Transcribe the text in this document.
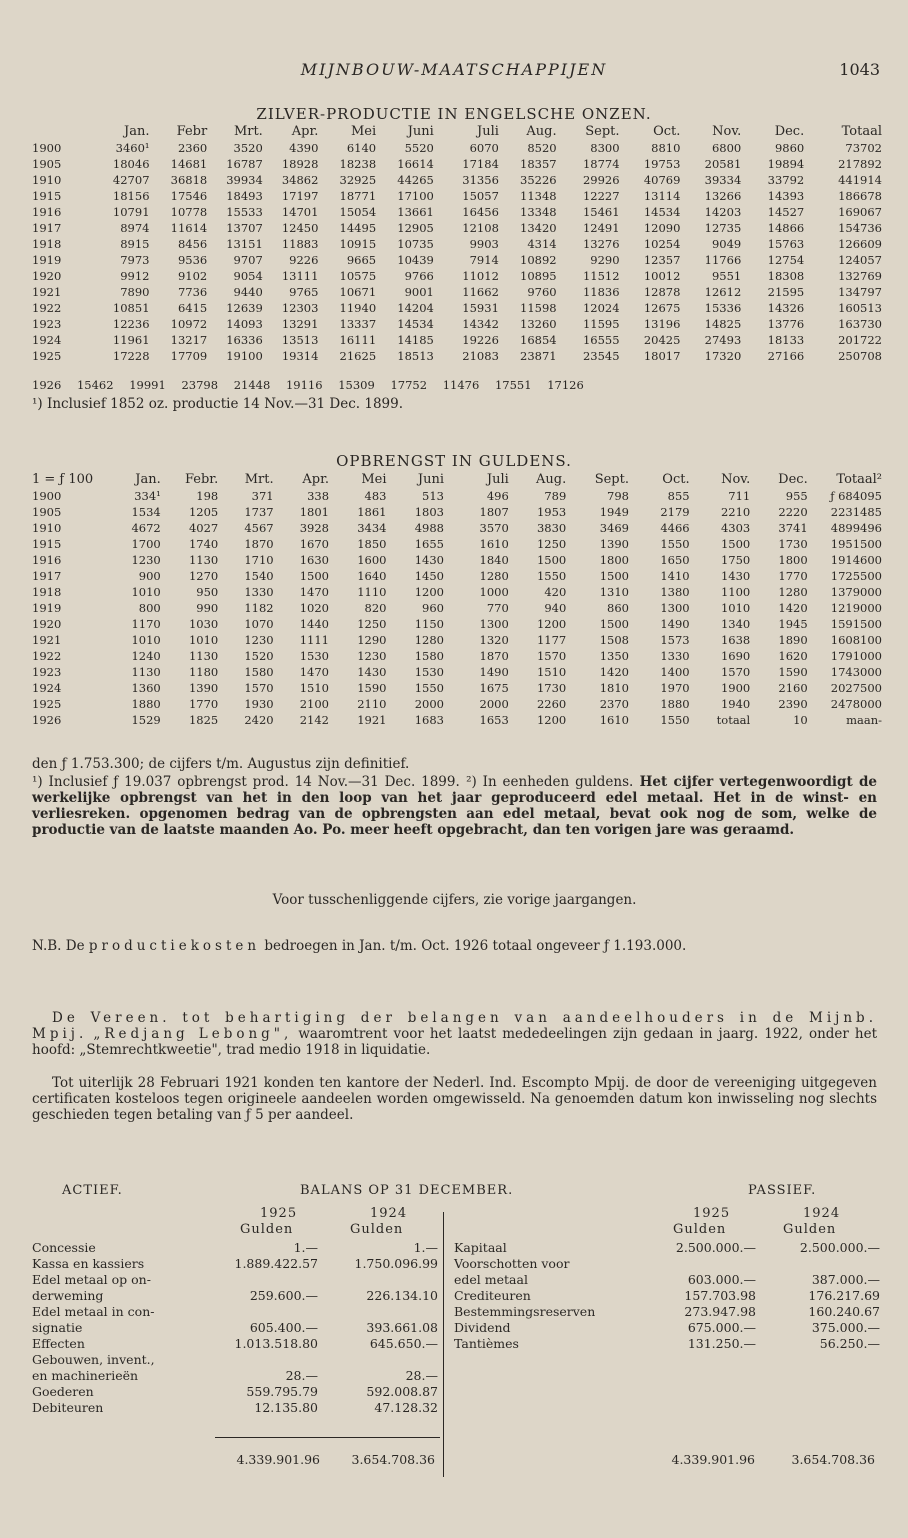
MIJNBOUW-MAATSCHAPPIJEN	1043
ZILVER-PRODUCTIE IN ENGELSCHE ONZEN.
	Jan.	Febr	Mrt.	Apr.	Mei	Juni	Juli	Aug.	Sept.	Oct.	Nov.	Dec.	Totaal
1900	3460¹	2360	3520	4390	6140	5520	6070	8520	8300	8810	6800	9860	73702
1905	18046	14681	16787	18928	18238	16614	17184	18357	18774	19753	20581	19894	217892
1910	42707	36818	39934	34862	32925	44265	31356	35226	29926	40769	39334	33792	441914
1915	18156	17546	18493	17197	18771	17100	15057	11348	12227	13114	13266	14393	186678
1916	10791	10778	15533	14701	15054	13661	16456	13348	15461	14534	14203	14527	169067
1917	8974	11614	13707	12450	14495	12905	12108	13420	12491	12090	12735	14866	154736
1918	8915	8456	13151	11883	10915	10735	9903	4314	13276	10254	9049	15763	126609
1919	7973	9536	9707	9226	9665	10439	7914	10892	9290	12357	11766	12754	124057
1920	9912	9102	9054	13111	10575	9766	11012	10895	11512	10012	9551	18308	132769
1921	7890	7736	9440	9765	10671	9001	11662	9760	11836	12878	12612	21595	134797
1922	10851	6415	12639	12303	11940	14204	15931	11598	12024	12675	15336	14326	160513
1923	12236	10972	14093	13291	13337	14534	14342	13260	11595	13196	14825	13776	163730
1924	11961	13217	16336	13513	16111	14185	19226	16854	16555	20425	27493	18133	201722
1925	17228	17709	19100	19314	21625	18513	21083	23871	23545	18017	17320	27166	250708
1926 15462 19991 23798 21448 19116 15309 17752 11476 17551 17126
¹) Inclusief 1852 oz. productie 14 Nov.—31 Dec. 1899.
OPBRENGST IN GULDENS.
1 = ƒ 100	Jan.	Febr.	Mrt.	Apr.	Mei	Juni	Juli	Aug.	Sept.	Oct.	Nov.	Dec.	Totaal²
1900	334¹	198	371	338	483	513	496	789	798	855	711	955	ƒ 684095
1905	1534	1205	1737	1801	1861	1803	1807	1953	1949	2179	2210	2220	2231485
1910	4672	4027	4567	3928	3434	4988	3570	3830	3469	4466	4303	3741	4899496
1915	1700	1740	1870	1670	1850	1655	1610	1250	1390	1550	1500	1730	1951500
1916	1230	1130	1710	1630	1600	1430	1840	1500	1800	1650	1750	1800	1914600
1917	900	1270	1540	1500	1640	1450	1280	1550	1500	1410	1430	1770	1725500
1918	1010	950	1330	1470	1110	1200	1000	420	1310	1380	1100	1280	1379000
1919	800	990	1182	1020	820	960	770	940	860	1300	1010	1420	1219000
1920	1170	1030	1070	1440	1250	1150	1300	1200	1500	1490	1340	1945	1591500
1921	1010	1010	1230	1111	1290	1280	1320	1177	1508	1573	1638	1890	1608100
1922	1240	1130	1520	1530	1230	1580	1870	1570	1350	1330	1690	1620	1791000
1923	1130	1180	1580	1470	1430	1530	1490	1510	1420	1400	1570	1590	1743000
1924	1360	1390	1570	1510	1590	1550	1675	1730	1810	1970	1900	2160	2027500
1925	1880	1770	1930	2100	2110	2000	2000	2260	2370	1880	1940	2390	2478000
1926	1529	1825	2420	2142	1921	1683	1653	1200	1610	1550	totaal	10	maan-
den ƒ 1.753.300; de cijfers t/m. Augustus zijn definitief.
¹) Inclusief ƒ 19.037 opbrengst prod. 14 Nov.—31 Dec. 1899. ²) In eenheden guldens. Het cijfer vertegenwoordigt de werkelijke opbrengst van het in den loop van het jaar geproduceerd edel metaal. Het in de winst- en verliesreken. opgenomen bedrag van de opbrengsten aan edel metaal, bevat ook nog de som, welke de productie van de laatste maanden Ao. Po. meer heeft opgebracht, dan ten vorigen jare was geraamd.
Voor tusschenliggende cijfers, zie vorige jaargangen.
N.B. De productiekosten bedroegen in Jan. t/m. Oct. 1926 totaal ongeveer ƒ 1.193.000.
De Vereen. tot behartiging der belangen van aandeelhouders in de Mijnb. Mpij. „Redjang Lebong", waaromtrent voor het laatst mededeelingen zijn gedaan in jaarg. 1922, onder het hoofd: „Stemrechtkweetie", trad medio 1918 in liquidatie.
Tot uiterlijk 28 Februari 1921 konden ten kantore der Nederl. Ind. Escompto Mpij. de door de vereeniging uitgegeven certificaten kosteloos tegen origineele aandeelen worden omgewisseld. Na genoemden datum kon inwisseling nog slechts geschieden tegen betaling van ƒ 5 per aandeel.
ACTIEF.	BALANS OP 31 DECEMBER.	PASSIEF.
1925	1924
Gulden	Gulden
1925	1924
Gulden	Gulden
Concessie	1.—	1.—
Kassa en kassiers	1.889.422.57	1.750.096.99
Edel metaal op on-		
derweming	259.600.—	226.134.10
Edel metaal in con-		
signatie	605.400.—	393.661.08
Effecten	1.013.518.80	645.650.—
Gebouwen, invent.,		
en machinerieën	28.—	28.—
Goederen	559.795.79	592.008.87
Debiteuren	12.135.80	47.128.32
Kapitaal	2.500.000.—	2.500.000.—
Voorschotten voor		
edel metaal	603.000.—	387.000.—
Crediteuren	157.703.98	176.217.69
Bestemmingsreserven	273.947.98	160.240.67
Dividend	675.000.—	375.000.—
Tantièmes	131.250.—	56.250.—
4.339.901.96	3.654.708.36	4.339.901.96	3.654.708.36
